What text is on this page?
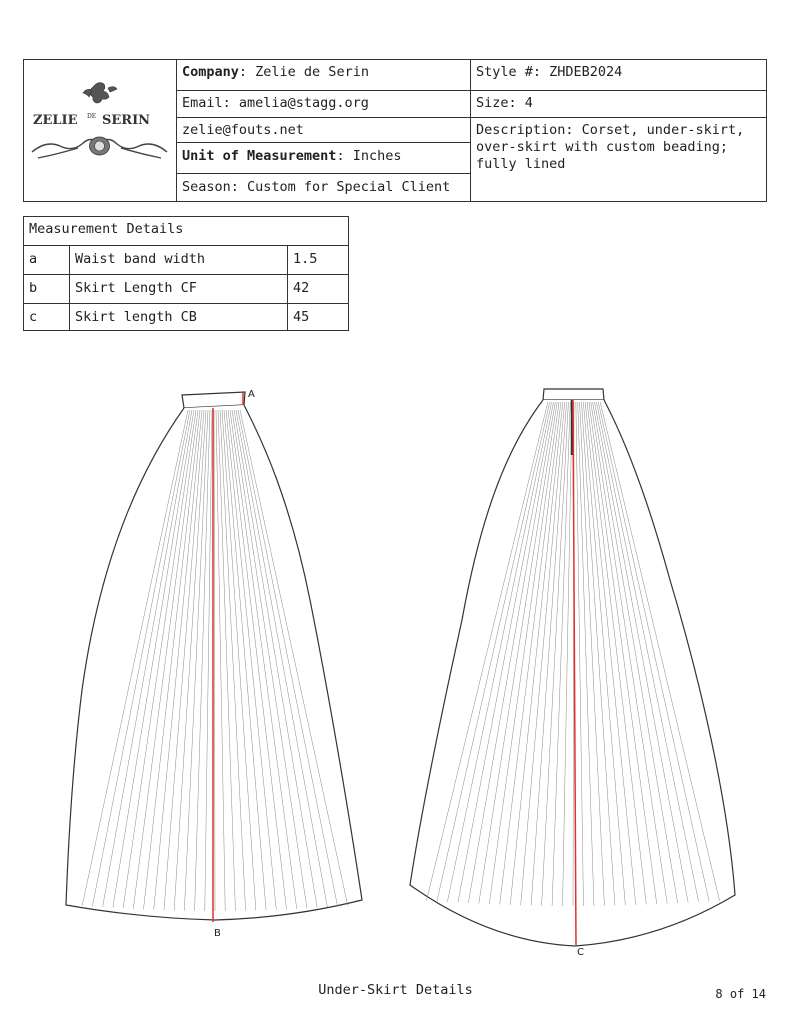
ZELIE DE SERIN
Company: Zelie de Serin
Email: amelia@stagg.org
zelie@fouts.net
Unit of Measurement: Inches
Season: Custom for Special Client
Style #: ZHDEB2024
Size: 4
Description: Corset, under-skirt, over-skirt with custom beading; fully lined
Measurement Details
a	Waist band width	1.5
b	Skirt Length CF	42
c	Skirt length CB	45
A
B
C
Under-Skirt Details	8 of 14
